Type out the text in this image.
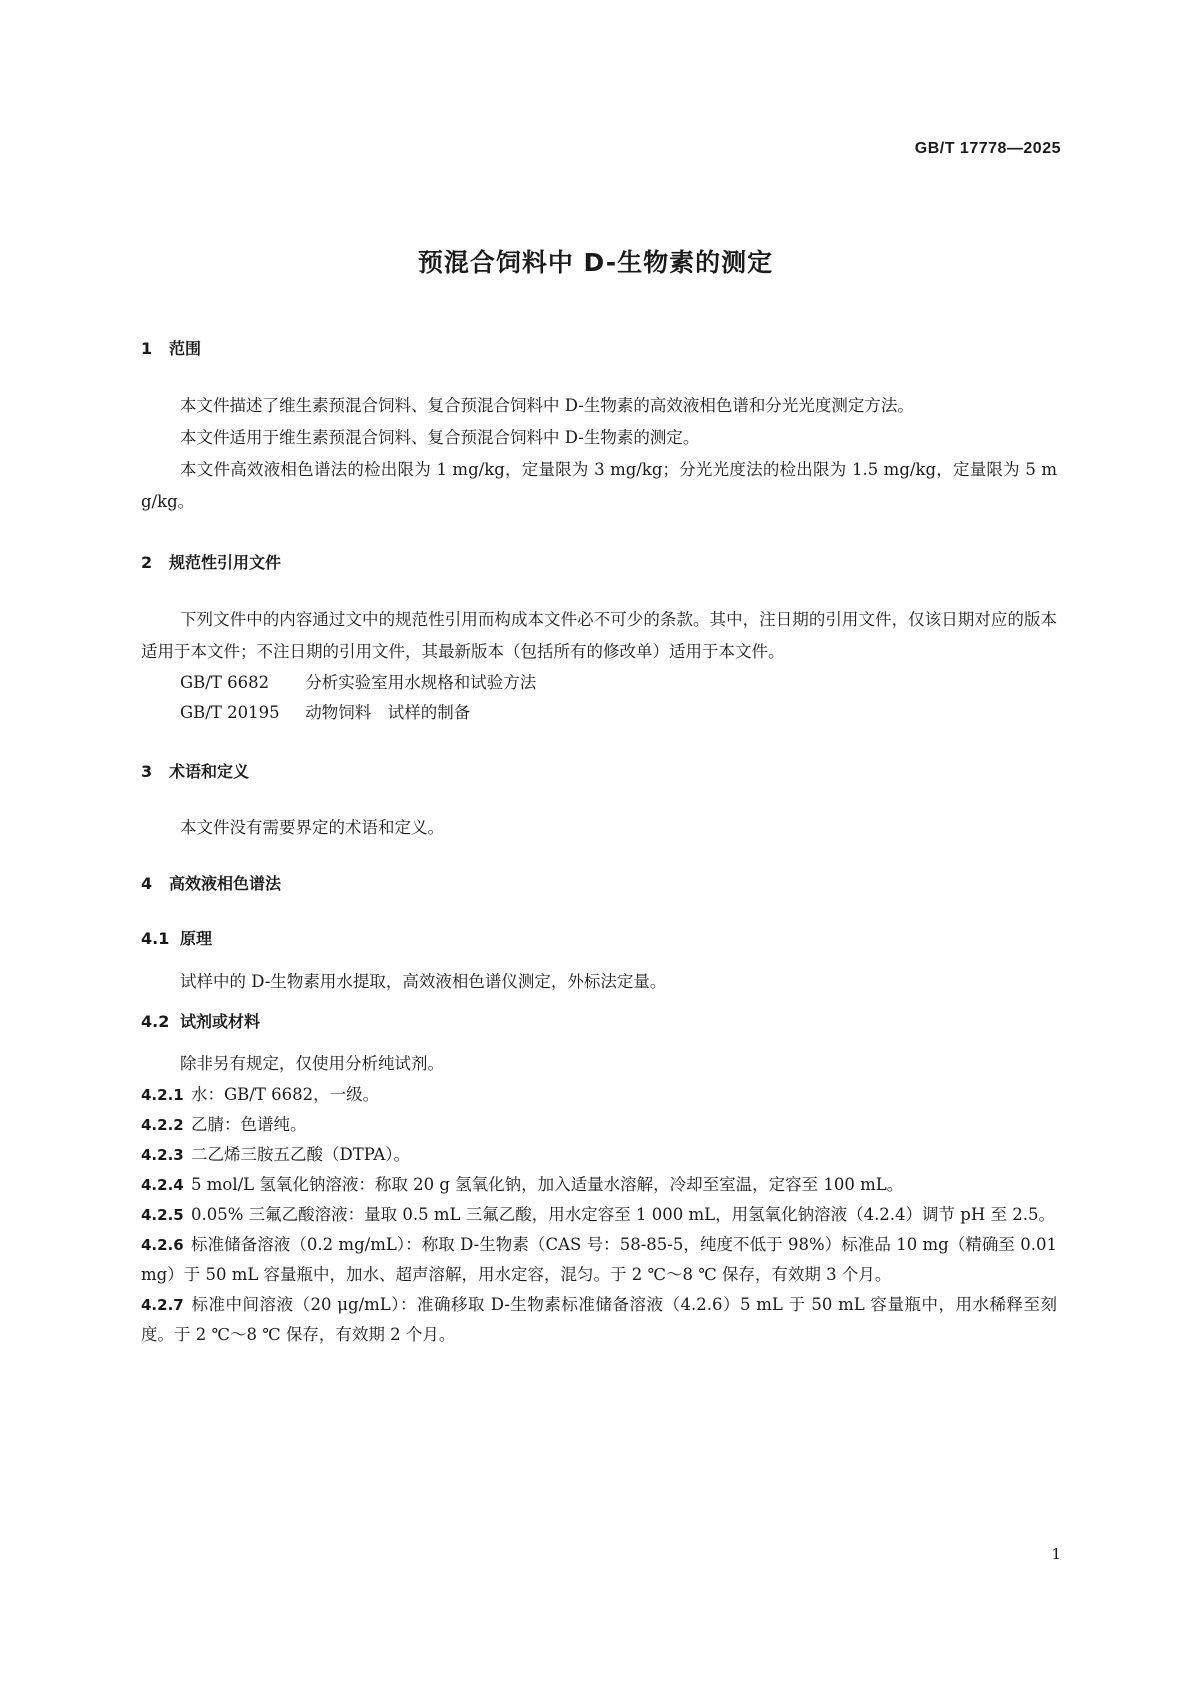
GB/T 17778—2025
预混合饲料中 D-生物素的测定
1 范围
本文件描述了维生素预混合饲料、复合预混合饲料中 D-生物素的高效液相色谱和分光光度测定方法。
本文件适用于维生素预混合饲料、复合预混合饲料中 D-生物素的测定。
本文件高效液相色谱法的检出限为 1 mg/kg，定量限为 3 mg/kg；分光光度法的检出限为 1.5 mg/kg，定量限为 5 mg/kg。
2 规范性引用文件
下列文件中的内容通过文中的规范性引用而构成本文件必不可少的条款。其中，注日期的引用文件，仅该日期对应的版本适用于本文件；不注日期的引用文件，其最新版本（包括所有的修改单）适用于本文件。
GB/T 6682 分析实验室用水规格和试验方法
GB/T 20195 动物饲料　试样的制备
3 术语和定义
本文件没有需要界定的术语和定义。
4 高效液相色谱法
4.1 原理
试样中的 D-生物素用水提取，高效液相色谱仪测定，外标法定量。
4.2 试剂或材料
除非另有规定，仅使用分析纯试剂。
4.2.1 水：GB/T 6682，一级。
4.2.2 乙腈：色谱纯。
4.2.3 二乙烯三胺五乙酸（DTPA）。
4.2.4 5 mol/L 氢氧化钠溶液：称取 20 g 氢氧化钠，加入适量水溶解，冷却至室温，定容至 100 mL。
4.2.5 0.05% 三氟乙酸溶液：量取 0.5 mL 三氟乙酸，用水定容至 1 000 mL，用氢氧化钠溶液（4.2.4）调节 pH 至 2.5。
4.2.6 标准储备溶液（0.2 mg/mL）：称取 D-生物素（CAS 号：58-85-5，纯度不低于 98%）标准品 10 mg（精确至 0.01 mg）于 50 mL 容量瓶中，加水、超声溶解，用水定容，混匀。于 2 ℃～8 ℃ 保存，有效期 3 个月。
4.2.7 标准中间溶液（20 μg/mL）：准确移取 D-生物素标准储备溶液（4.2.6）5 mL 于 50 mL 容量瓶中，用水稀释至刻度。于 2 ℃～8 ℃ 保存，有效期 2 个月。
1
